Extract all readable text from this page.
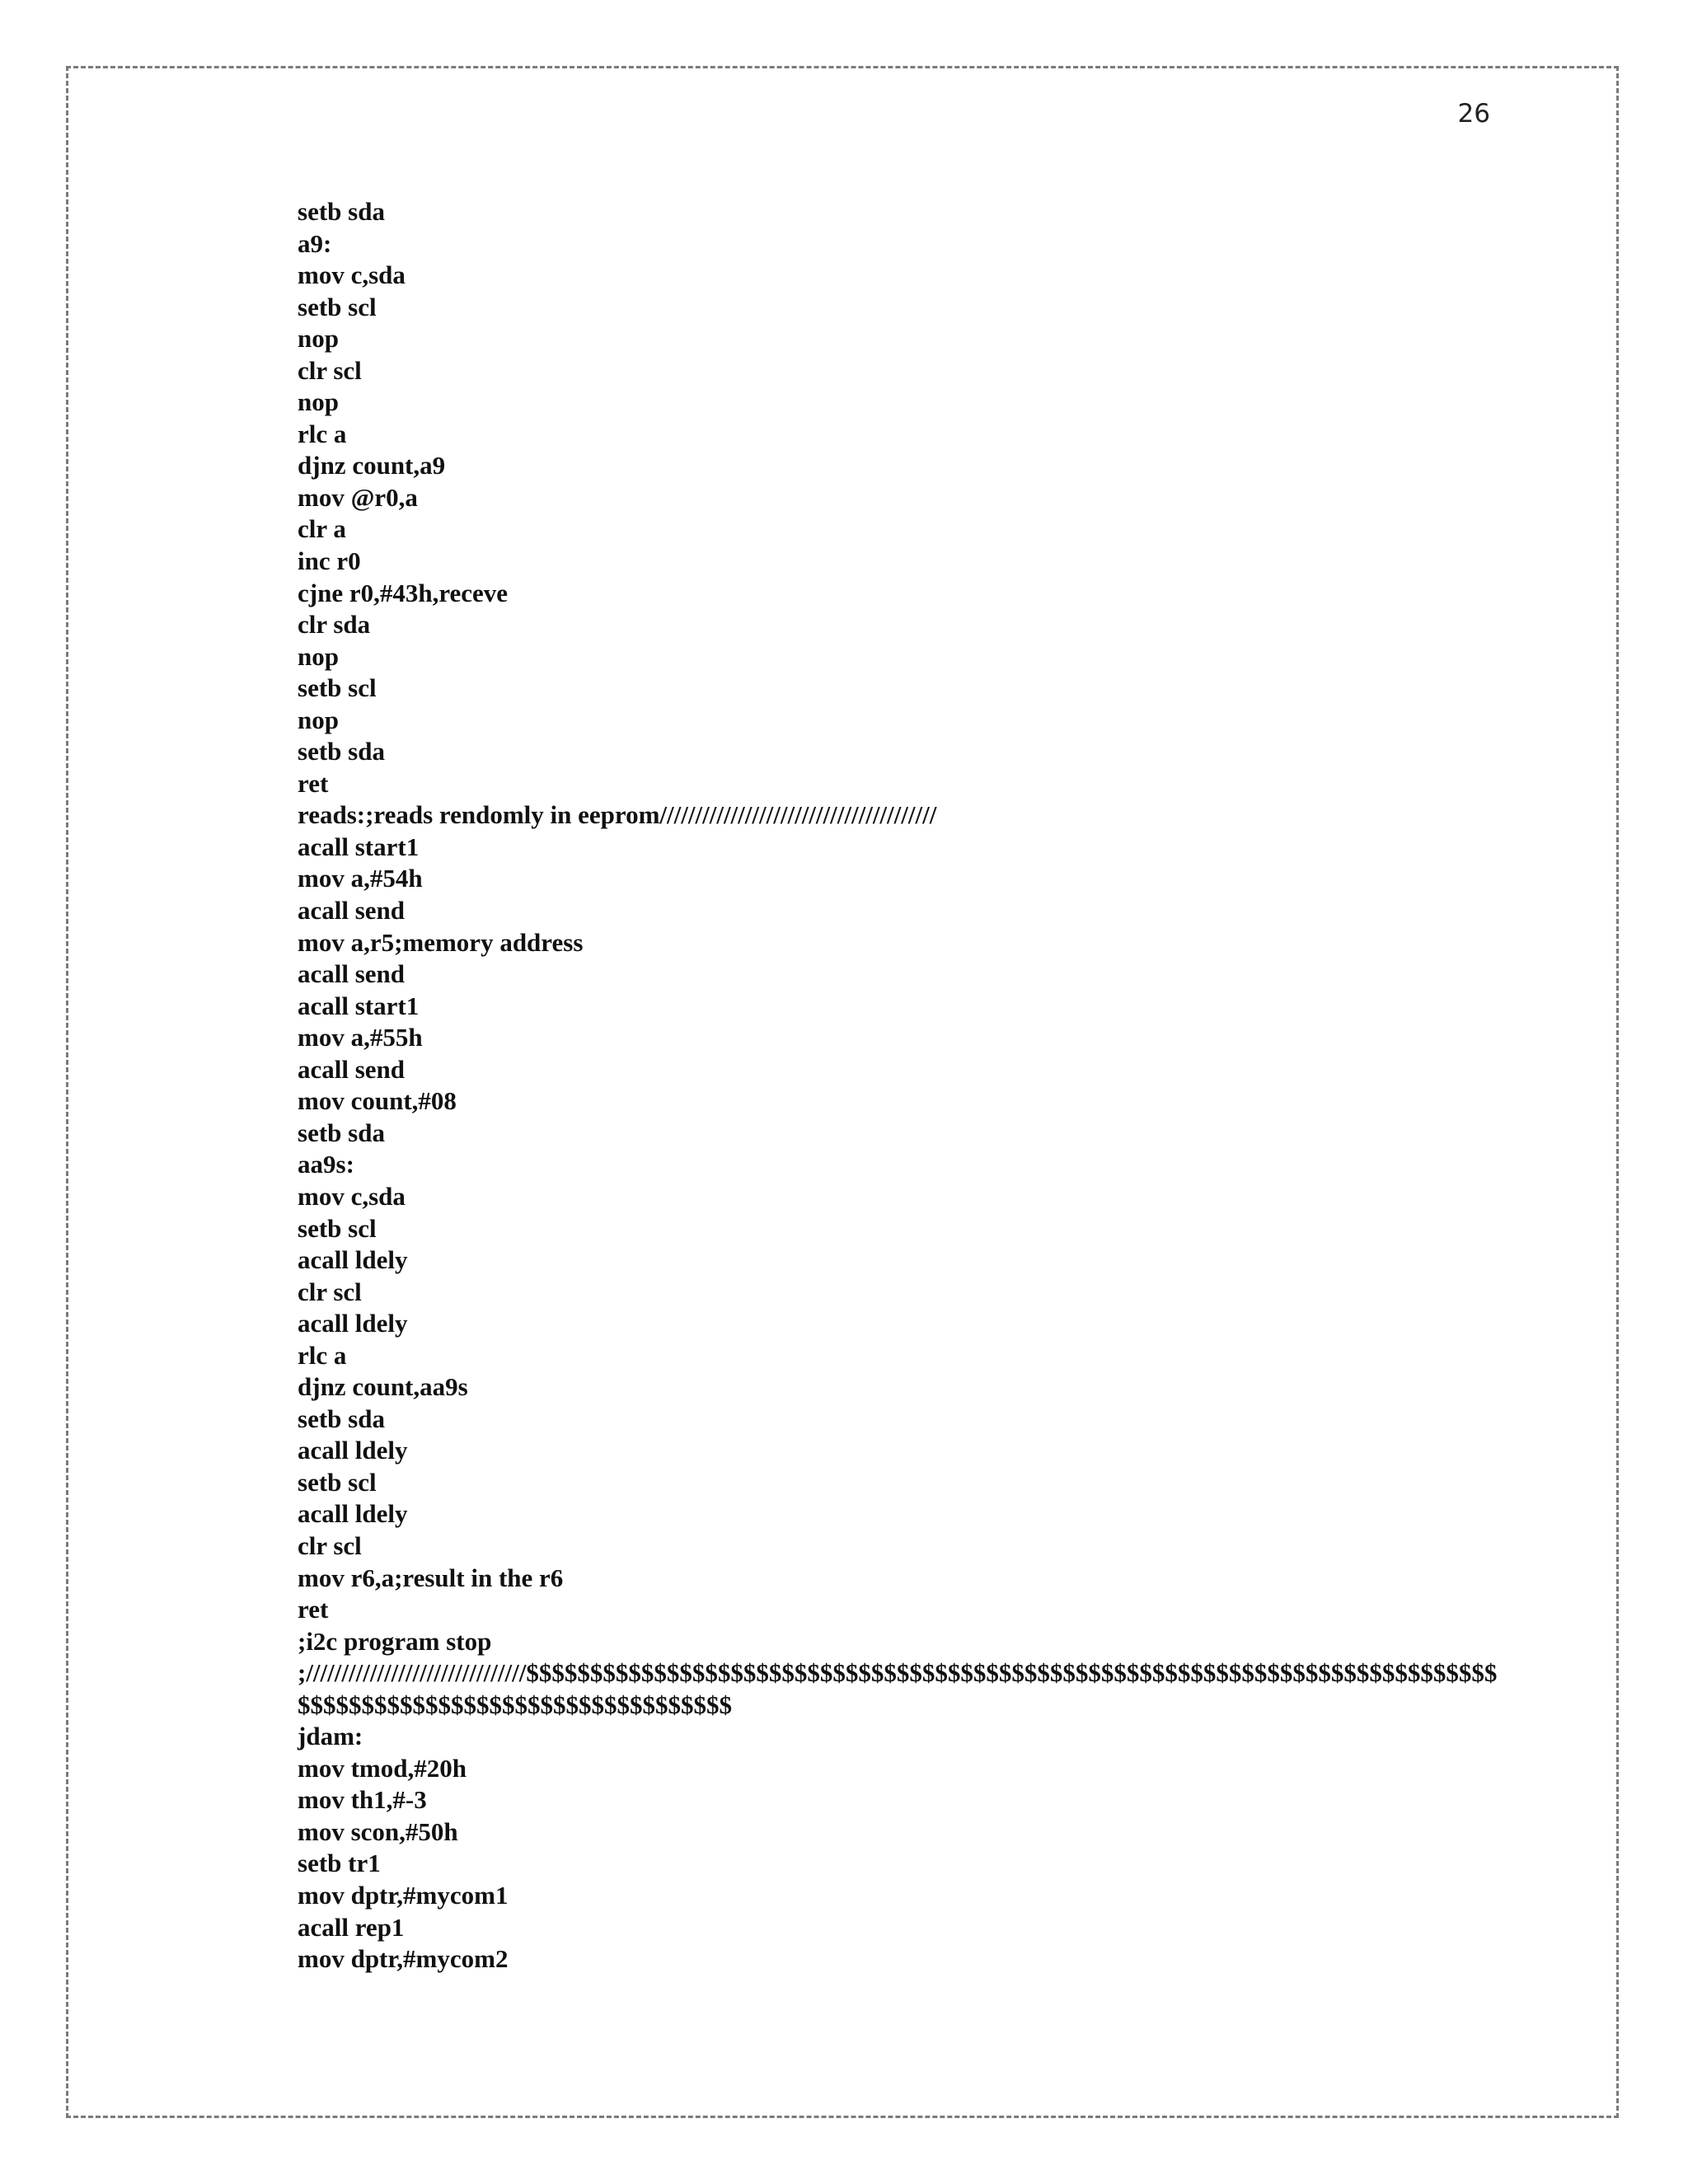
26
setb sda
a9:
mov c,sda
setb scl
nop
clr scl
nop
rlc a
djnz count,a9
mov @r0,a
clr a
inc r0
cjne r0,#43h,receve
clr sda
nop
setb scl
nop
setb sda
ret
reads:;reads rendomly in eeprom///////////////////////////////////////
acall start1
mov a,#54h
acall send
mov a,r5;memory address
acall send
acall start1
mov a,#55h
acall send
mov count,#08
setb sda
aa9s:
mov c,sda
setb scl
acall ldely
clr scl
acall ldely
rlc a
djnz count,aa9s
setb sda
acall ldely
setb scl
acall ldely
clr scl
mov r6,a;result in the r6
ret
;i2c program stop
;///////////////////////////////$$$$$$$$$$$$$$$$$$$$$$$$$$$$$$$$$$$$$$$$$$$$$$$$$$$$$$$$$$$$$$$$$$$$$$$$$$$$
$$$$$$$$$$$$$$$$$$$$$$$$$$$$$$$$$$
jdam:
mov tmod,#20h
mov th1,#-3
mov scon,#50h
setb tr1
mov dptr,#mycom1
acall rep1
mov dptr,#mycom2
